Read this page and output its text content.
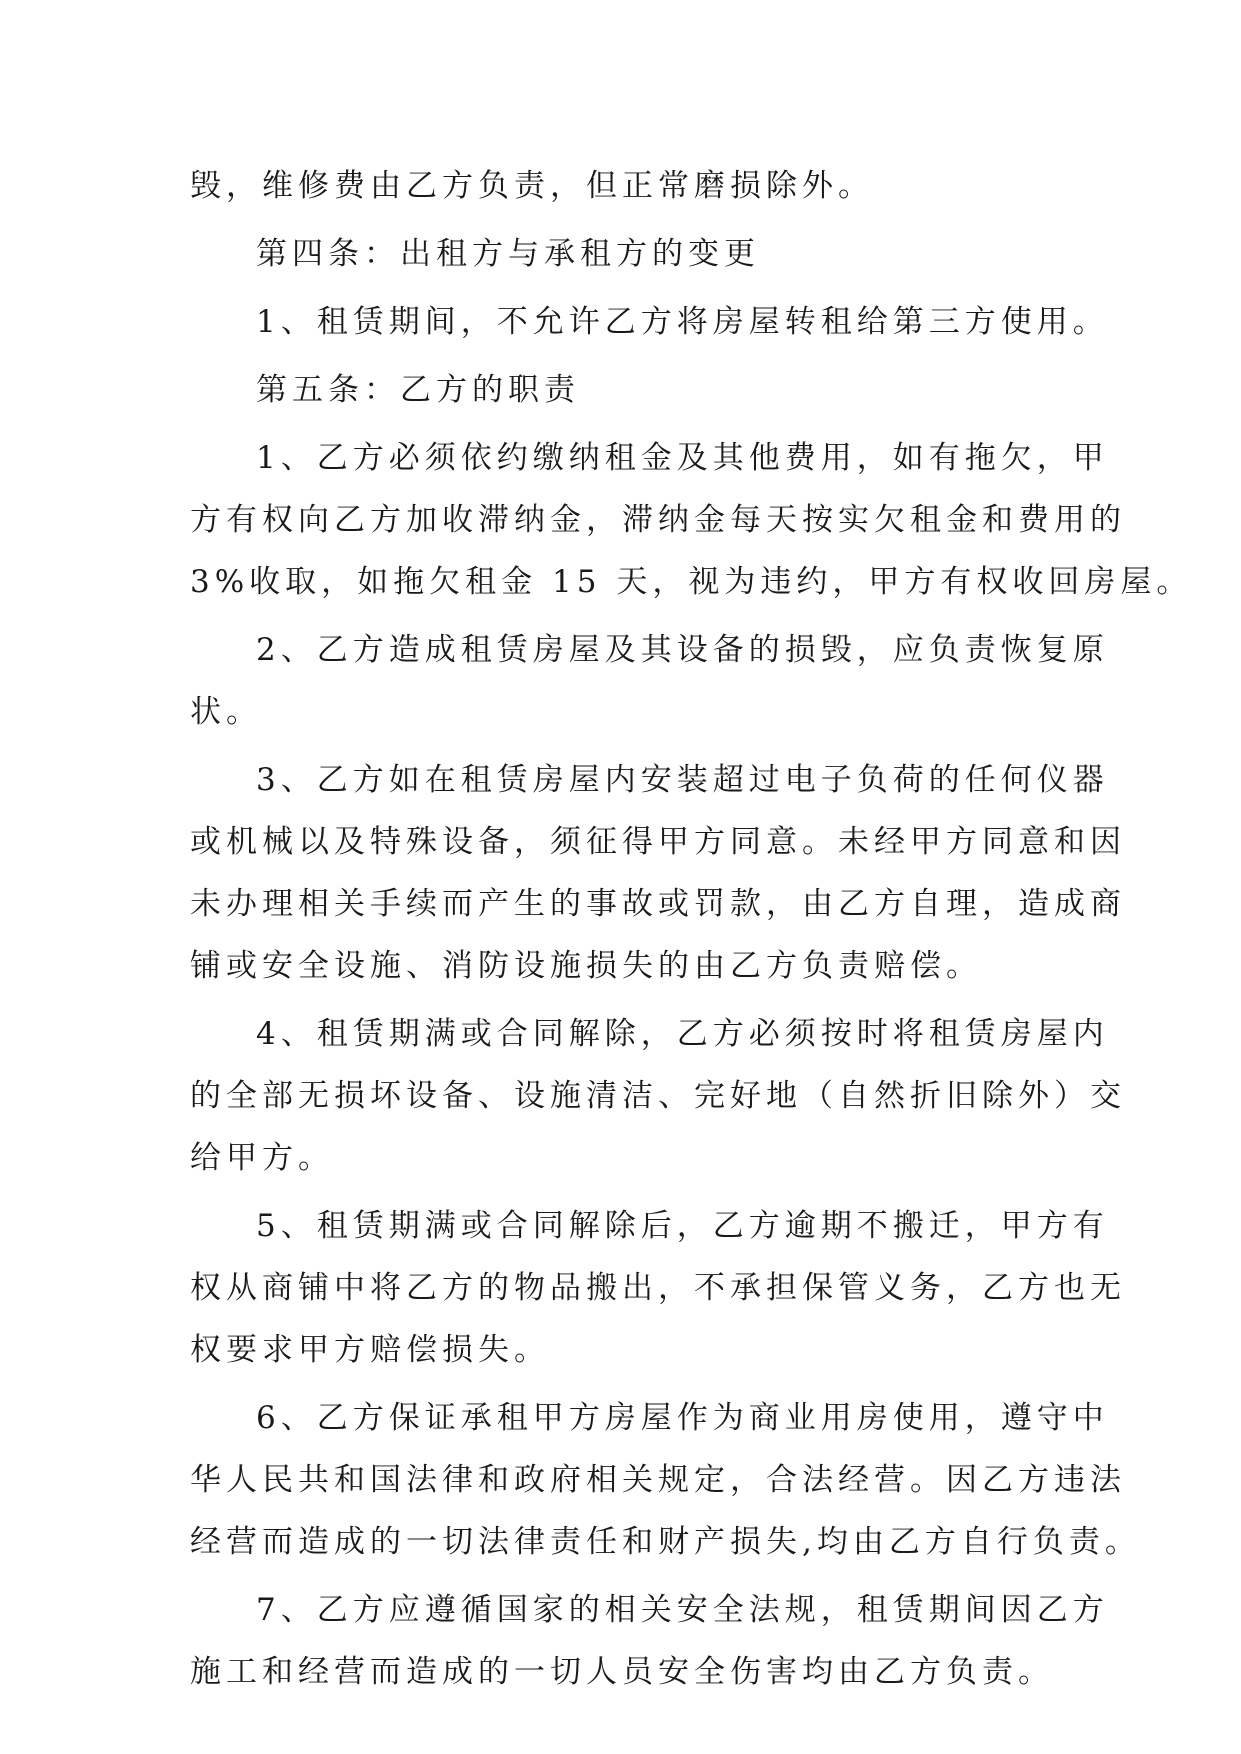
毁，维修费由乙方负责，但正常磨损除外。
第四条：出租方与承租方的变更
1、租赁期间，不允许乙方将房屋转租给第三方使用。
第五条：乙方的职责
1、乙方必须依约缴纳租金及其他费用，如有拖欠，甲
方有权向乙方加收滞纳金，滞纳金每天按实欠租金和费用的
3%收取，如拖欠租金 15 天，视为违约，甲方有权收回房屋。
2、乙方造成租赁房屋及其设备的损毁，应负责恢复原
状。
3、乙方如在租赁房屋内安装超过电子负荷的任何仪器
或机械以及特殊设备，须征得甲方同意。未经甲方同意和因
未办理相关手续而产生的事故或罚款，由乙方自理，造成商
铺或安全设施、消防设施损失的由乙方负责赔偿。
4、租赁期满或合同解除，乙方必须按时将租赁房屋内
的全部无损坏设备、设施清洁、完好地（自然折旧除外）交
给甲方。
5、租赁期满或合同解除后，乙方逾期不搬迁，甲方有
权从商铺中将乙方的物品搬出，不承担保管义务，乙方也无
权要求甲方赔偿损失。
6、乙方保证承租甲方房屋作为商业用房使用，遵守中
华人民共和国法律和政府相关规定，合法经营。因乙方违法
经营而造成的一切法律责任和财产损失,均由乙方自行负责。
7、乙方应遵循国家的相关安全法规，租赁期间因乙方
施工和经营而造成的一切人员安全伤害均由乙方负责。
